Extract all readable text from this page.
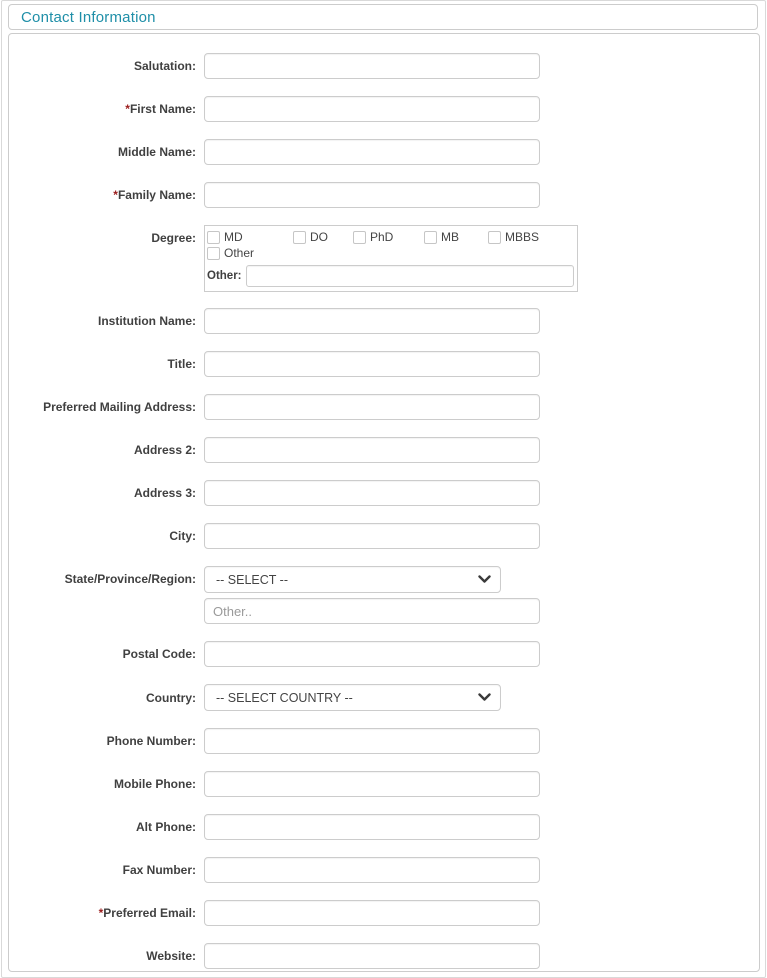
Contact Information
Salutation:
*First Name:
Middle Name:
*Family Name:
Degree:	MD	DO	PhD	MB	MBBS
Other
Other:
Institution Name:
Title:
Preferred Mailing Address:
Address 2:
Address 3:
City:
State/Province/Region:	-- SELECT --
Other..
Postal Code:
Country:	-- SELECT COUNTRY --
Phone Number:
Mobile Phone:
Alt Phone:
Fax Number:
*Preferred Email:
Website:
